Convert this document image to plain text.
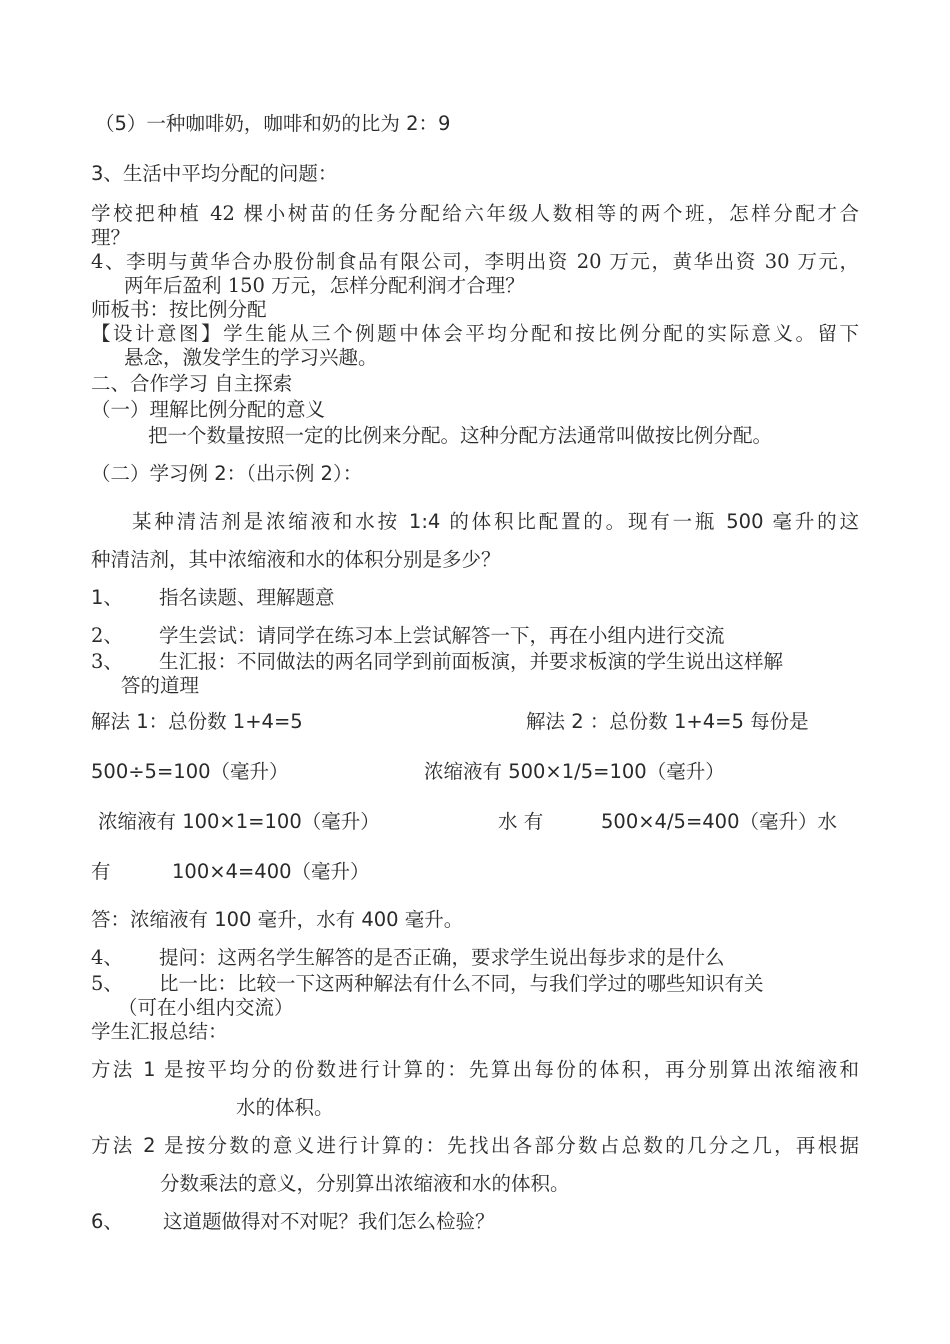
（5）一种咖啡奶，咖啡和奶的比为 2：9
3、生活中平均分配的问题：
学校把种植 42 棵小树苗的任务分配给六年级人数相等的两个班，怎样分配才合
理？
4、李明与黄华合办股份制食品有限公司，李明出资 20 万元，黄华出资 30 万元，
两年后盈利 150 万元，怎样分配利润才合理？
师板书：按比例分配
【设计意图】学生能从三个例题中体会平均分配和按比例分配的实际意义。留下
悬念，激发学生的学习兴趣。
二、合作学习 自主探索
（一）理解比例分配的意义
把一个数量按照一定的比例来分配。这种分配方法通常叫做按比例分配。
（二）学习例 2：（出示例 2）：
某种清洁剂是浓缩液和水按 1:4 的体积比配置的。现有一瓶 500 毫升的这
种清洁剂，其中浓缩液和水的体积分别是多少？
1、 指名读题、理解题意
2、 学生尝试：请同学在练习本上尝试解答一下，再在小组内进行交流
3、 生汇报：不同做法的两名同学到前面板演，并要求板演的学生说出这样解
答的道理
解法 1：总份数 1+4=5	解法 2 ：总份数 1+4=5 每份是
500÷5=100（毫升）	浓缩液有 500×1/5=100（毫升）
浓缩液有 100×1=100（毫升）	水 有	500×4/5=400（毫升）水
有	100×4=400（毫升）
答：浓缩液有 100 毫升，水有 400 毫升。
4、 提问：这两名学生解答的是否正确，要求学生说出每步求的是什么
5、 比一比：比较一下这两种解法有什么不同，与我们学过的哪些知识有关
（可在小组内交流）
学生汇报总结：
方法 1 是按平均分的份数进行计算的：先算出每份的体积，再分别算出浓缩液和
水的体积。
方法 2 是按分数的意义进行计算的：先找出各部分数占总数的几分之几，再根据
分数乘法的意义，分别算出浓缩液和水的体积。
6、 这道题做得对不对呢？我们怎么检验？
